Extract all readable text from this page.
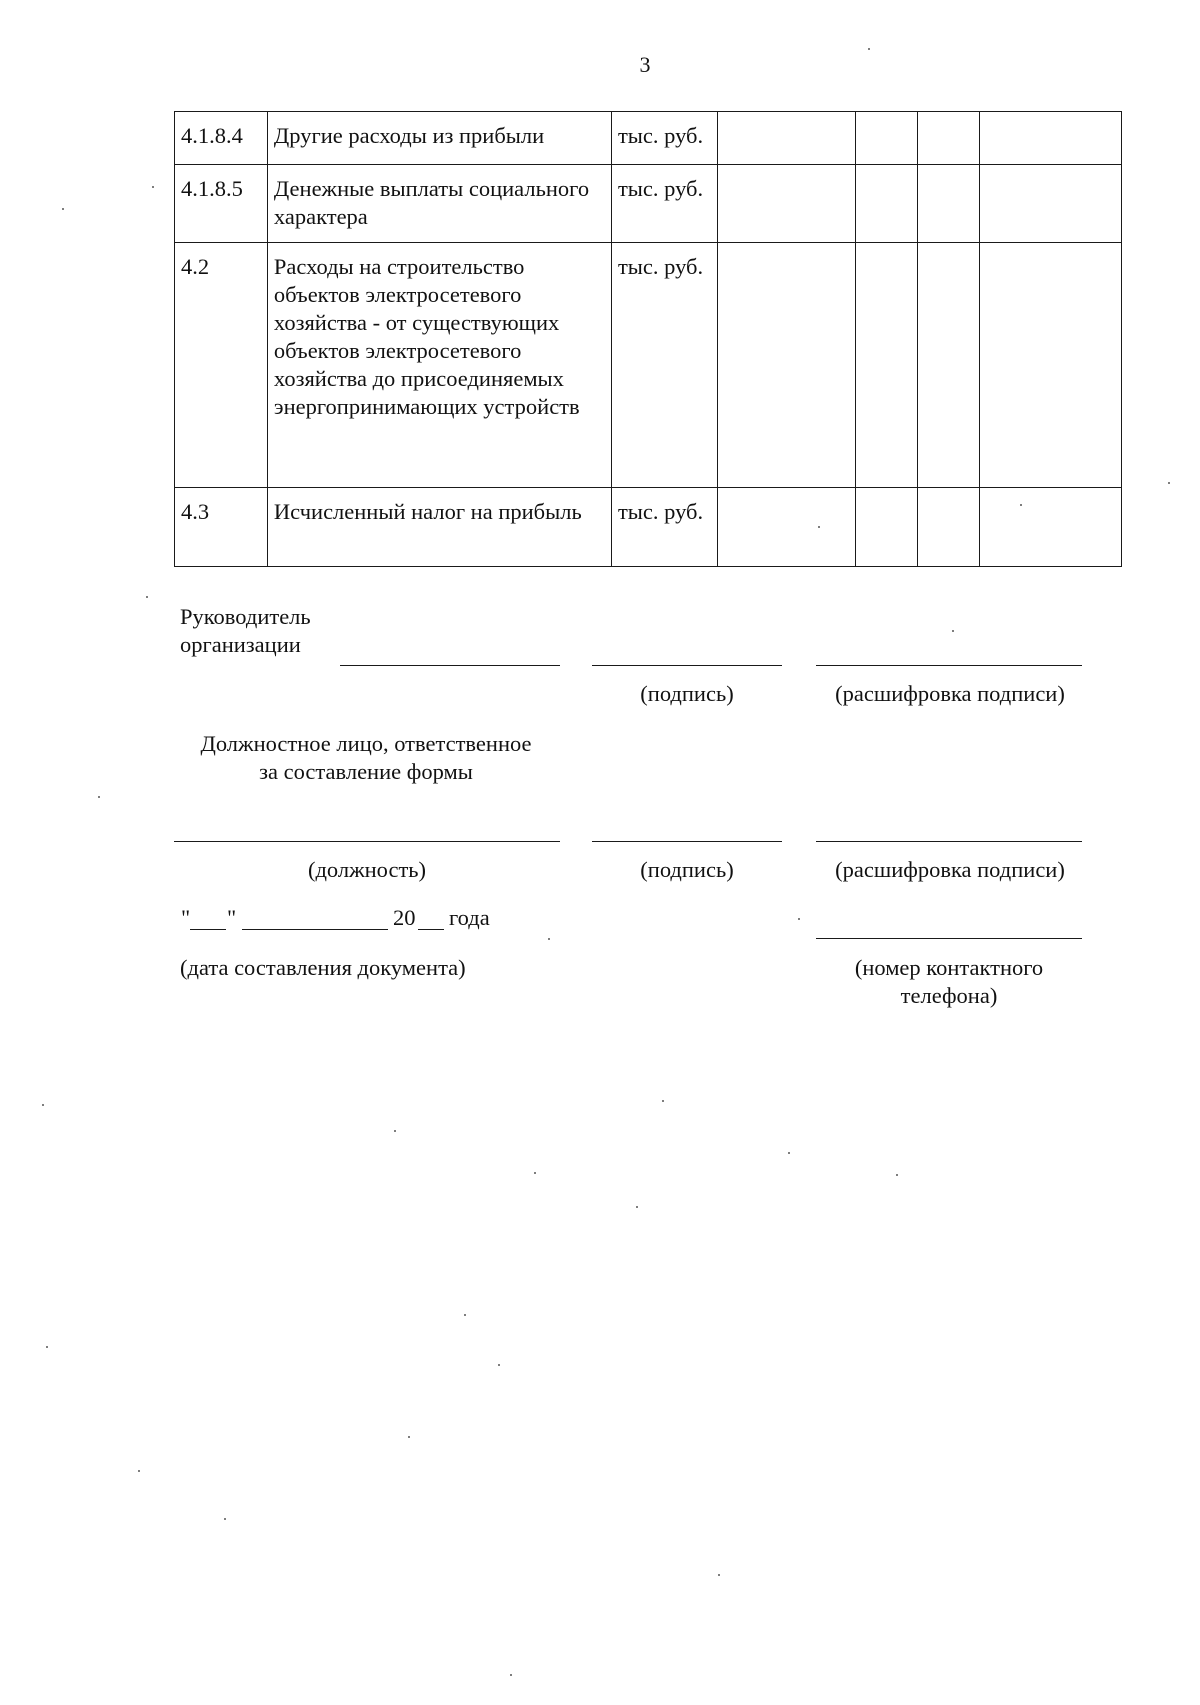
3
4.1.8.4	Другие расходы из прибыли	тыс. руб.				
4.1.8.5	Денежные выплаты социального характера	тыс. руб.				
4.2	Расходы на строительство объектов электросетевого хозяйства - от существующих объектов электросетевого хозяйства до присоединяемых энергопринимающих устройств	тыс. руб.				
4.3	Исчисленный налог на прибыль	тыс. руб.				
Руководитель
организации
(подпись)	(расшифровка подписи)
Должностное лицо, ответственное
за составление формы
(должность)	(подпись)	(расшифровка подписи)
" "	20 года
(дата составления документа)	(номер контактного
телефона)
